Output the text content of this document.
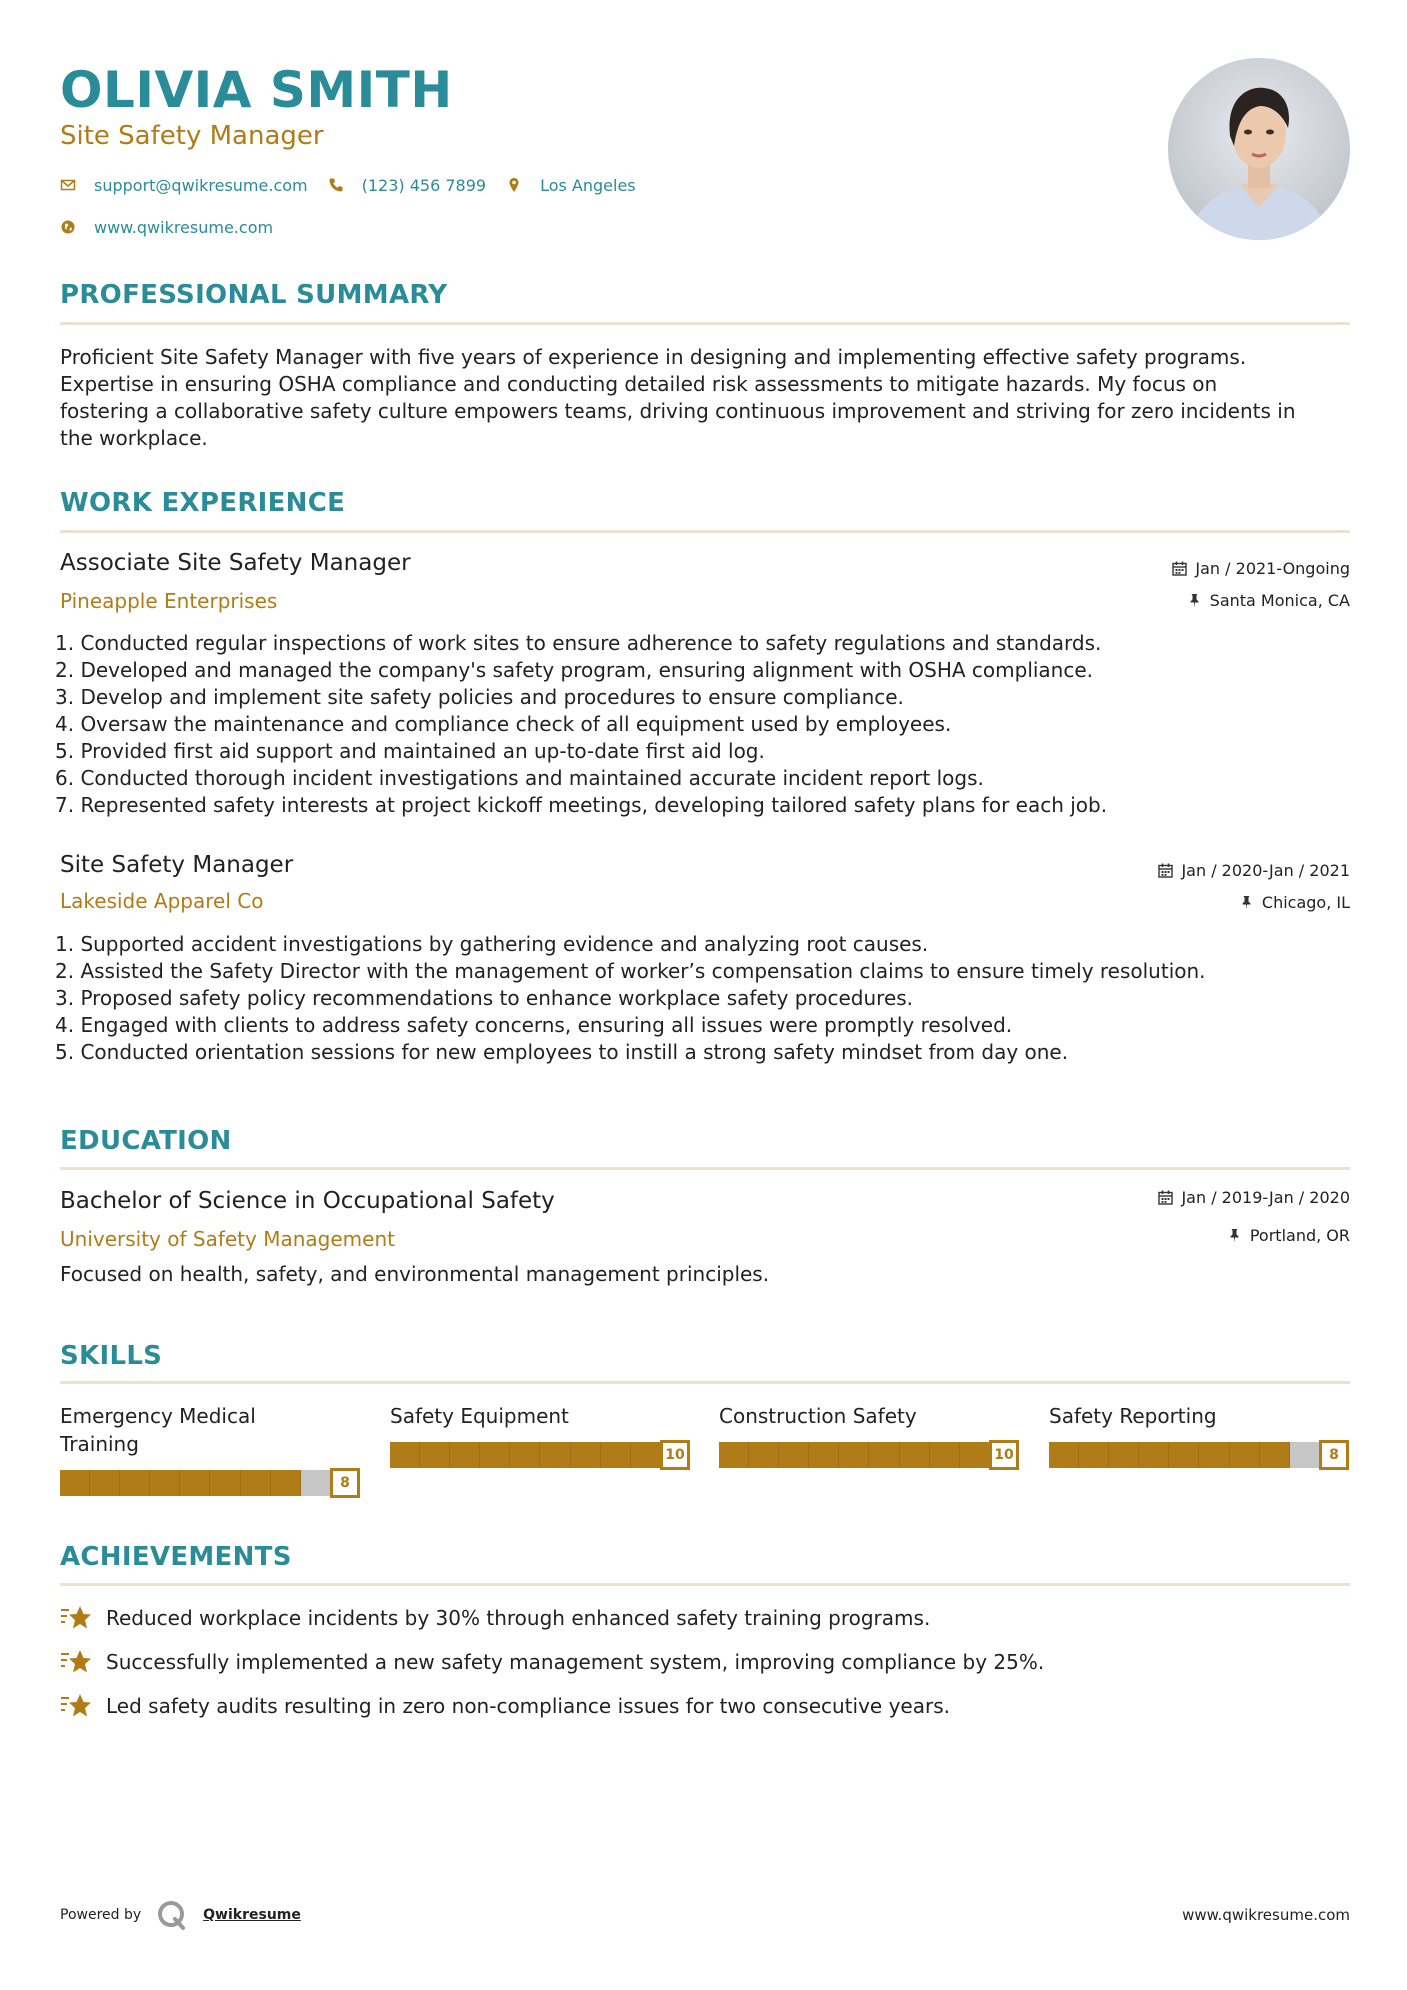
OLIVIA SMITH
Site Safety Manager
support@qwikresume.com	(123) 456 7899	Los Angeles
www.qwikresume.com
PROFESSIONAL SUMMARY
Proficient Site Safety Manager with five years of experience in designing and implementing effective safety programs.
Expertise in ensuring OSHA compliance and conducting detailed risk assessments to mitigate hazards. My focus on
fostering a collaborative safety culture empowers teams, driving continuous improvement and striving for zero incidents in
the workplace.
WORK EXPERIENCE
Associate Site Safety Manager
Pineapple Enterprises
Jan / 2021-Ongoing
Santa Monica, CA
1. Conducted regular inspections of work sites to ensure adherence to safety regulations and standards.
2. Developed and managed the company's safety program, ensuring alignment with OSHA compliance.
3. Develop and implement site safety policies and procedures to ensure compliance.
4. Oversaw the maintenance and compliance check of all equipment used by employees.
5. Provided first aid support and maintained an up-to-date first aid log.
6. Conducted thorough incident investigations and maintained accurate incident report logs.
7. Represented safety interests at project kickoff meetings, developing tailored safety plans for each job.
Site Safety Manager
Lakeside Apparel Co
Jan / 2020-Jan / 2021
Chicago, IL
1. Supported accident investigations by gathering evidence and analyzing root causes.
2. Assisted the Safety Director with the management of worker’s compensation claims to ensure timely resolution.
3. Proposed safety policy recommendations to enhance workplace safety procedures.
4. Engaged with clients to address safety concerns, ensuring all issues were promptly resolved.
5. Conducted orientation sessions for new employees to instill a strong safety mindset from day one.
EDUCATION
Bachelor of Science in Occupational Safety
University of Safety Management
Jan / 2019-Jan / 2020
Portland, OR
Focused on health, safety, and environmental management principles.
SKILLS
Emergency Medical
Training
8
Safety Equipment
10
Construction Safety
10
Safety Reporting
8
ACHIEVEMENTS
Reduced workplace incidents by 30% through enhanced safety training programs.
Successfully implemented a new safety management system, improving compliance by 25%.
Led safety audits resulting in zero non-compliance issues for two consecutive years.
Powered by	Qwikresume	www.qwikresume.com
